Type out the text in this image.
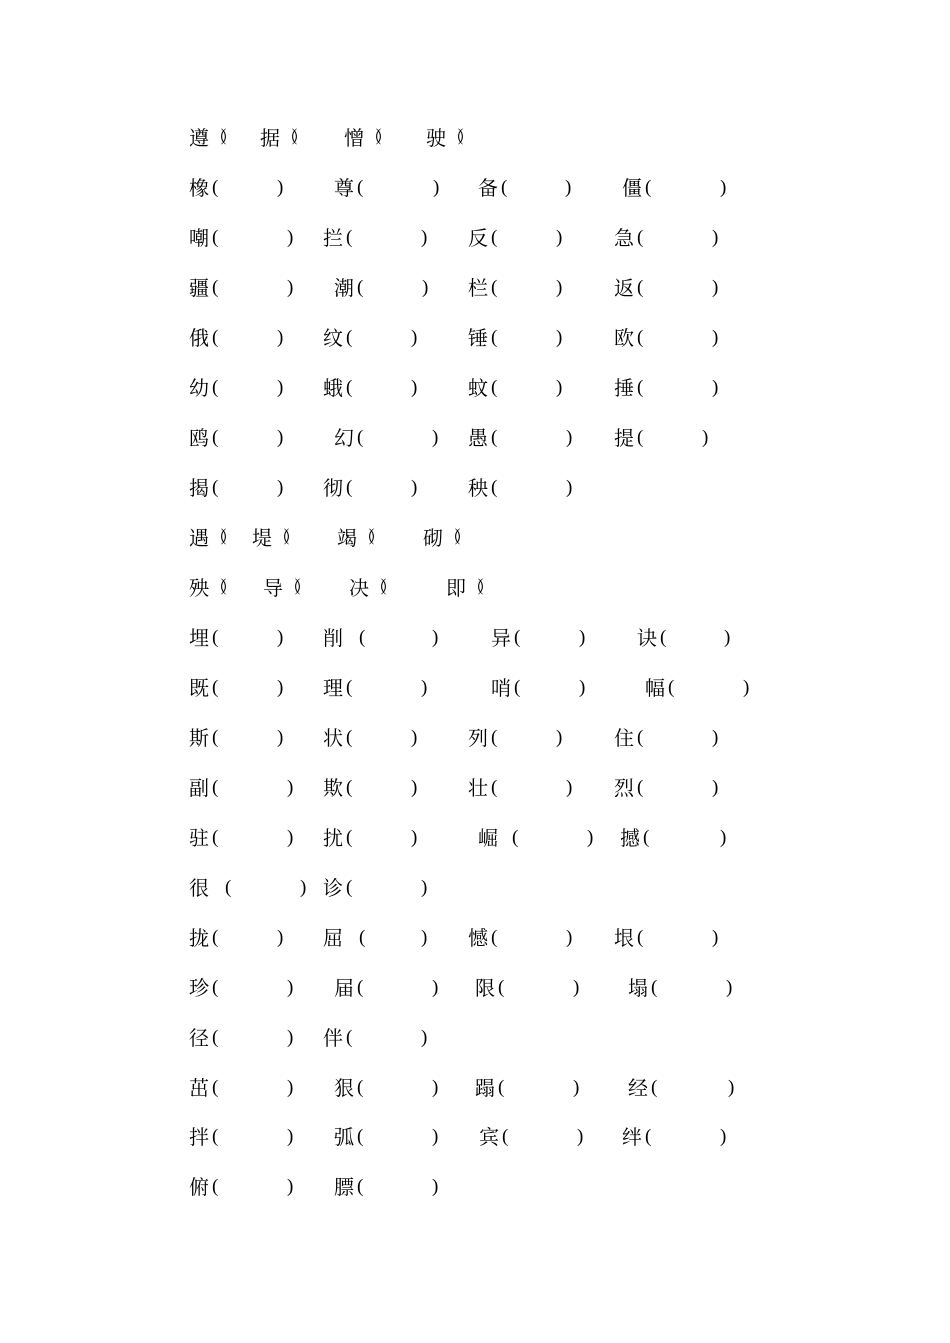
遵 （） 据 （） 憎 （） 驶 （）
橡 (	)	尊 (	) 备 (	)	僵 (	)
嘲 (	) 拦 (	) 反 (	)	急 (	)
疆 (	) 潮 (	) 栏 (	)	返 (	)
俄 (	) 纹 (	)	锤 (	)	欧 (	)
幼 (	) 蛾 (	)	蚊 (	)	捶 (	)
鸥 (	)	幻 (	) 愚 (	) 提 (	)
揭 (	) 彻 (	)	秧 (	)
遇 （） 堤 （） 竭 （） 砌 （）
殃 （） 导 （） 决 （）	即 （）
埋 (	) 削 (	)	异 (	)	诀 (	)
既 (	) 理 (	)	哨 (	)	幅 (	)
斯 (	) 状 (	)	列 (	)	住 (	)
副 (	) 欺 (	)	壮 (	) 烈 (	)
驻 (	) 扰 (	)	崛 (	) 撼 (	)
很 (	) 诊 (	)
拢 (	) 屈 (	) 憾 (	) 垠 (	)
珍 (	) 届 (	) 限 (	) 塌 (	)
径 (	) 伴 (	)
茁 (	) 狠 (	) 蹋 (	) 经 (	)
拌 (	) 弧 (	) 宾 (	) 绊 (	)
俯 (	) 膘 (	)
